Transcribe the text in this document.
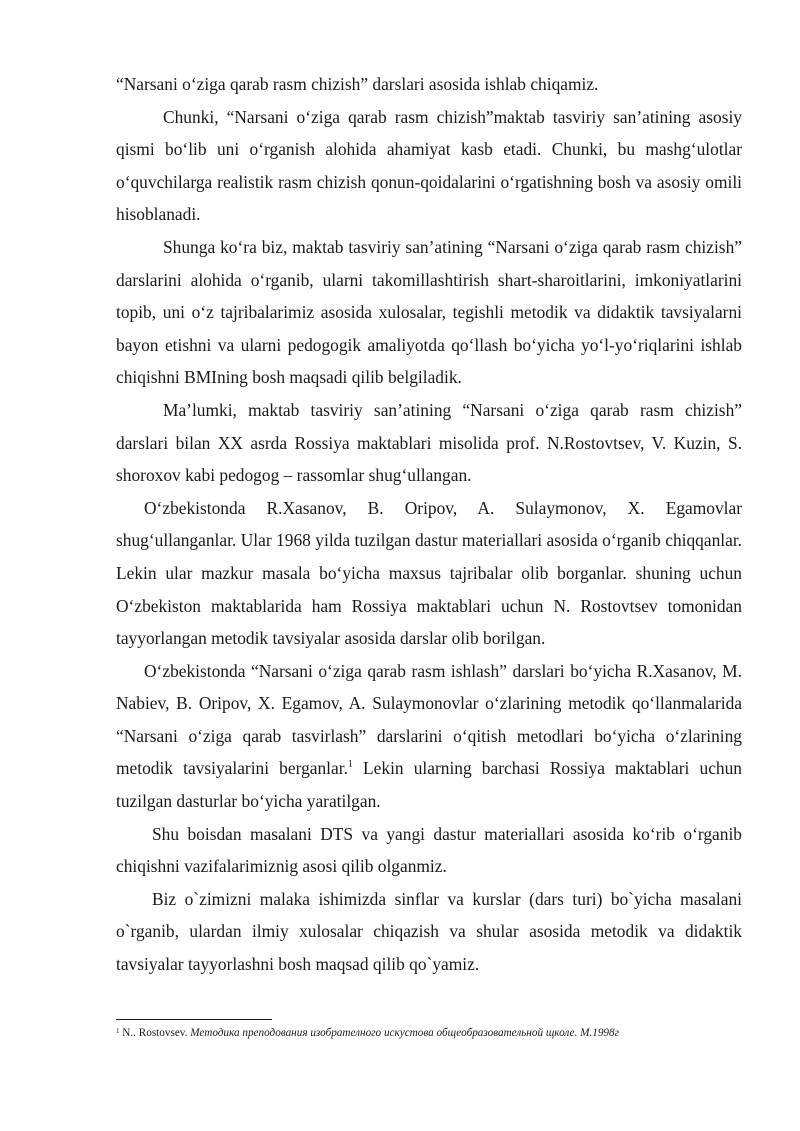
“Narsani o‘ziga qarab rasm chizish” darslari asosida ishlab chiqamiz.

Chunki, “Narsani o‘ziga qarab rasm chizish”maktab tasviriy san’atining asosiy qismi bo‘lib uni o‘rganish alohida ahamiyat kasb etadi. Chunki, bu mashg‘ulotlar o‘quvchilarga realistik rasm chizish qonun-qoidalarini o‘rgatishning bosh va asosiy omili hisoblanadi.

Shunga ko‘ra biz, maktab tasviriy san’atining “Narsani o‘ziga qarab rasm chizish” darslarini alohida o‘rganib, ularni takomillashtirish shart-sharoitlarini, imkoniyatlarini topib, uni o‘z tajribalarimiz asosida xulosalar, tegishli metodik va didaktik tavsiyalarni bayon etishni va ularni pedogogik amaliyotda qo‘llash bo‘yicha yo‘l-yo‘riqlarini ishlab chiqishni BMIning bosh maqsadi qilib belgiladik.

Ma’lumki, maktab tasviriy san’atining “Narsani o‘ziga qarab rasm chizish” darslari bilan XX asrda Rossiya maktablari misolida prof. N.Rostovtsev, V. Kuzin, S. shoroxov kabi pedogog – rassomlar shug‘ullangan.

O‘zbekistonda R.Xasanov, B. Oripov, A. Sulaymonov, X. Egamovlar shug‘ullanganlar. Ular 1968 yilda tuzilgan dastur materiallari asosida o‘rganib chiqqanlar. Lekin ular mazkur masala bo‘yicha maxsus tajribalar olib borganlar. shuning uchun O‘zbekiston maktablarida ham Rossiya maktablari uchun N. Rostovtsev tomonidan tayyorlangan metodik tavsiyalar asosida darslar olib borilgan.

O‘zbekistonda “Narsani o‘ziga qarab rasm ishlash” darslari bo‘yicha R.Xasanov, M. Nabiev, B. Oripov, X. Egamov, A. Sulaymonovlar o‘zlarining metodik qo‘llanmalarida “Narsani o‘ziga qarab tasvirlash” darslarini o‘qitish metodlari bo‘yicha o‘zlarining metodik tavsiyalarini berganlar.$^1$ Lekin ularning barchasi Rossiya maktablari uchun tuzilgan dasturlar bo‘yicha yaratilgan.

Shu boisdan masalani DTS va yangi dastur materiallari asosida ko‘rib o‘rganib chiqishni vazifalarimiznig asosi qilib olganmiz.

Biz o`zimizni malaka ishimizda sinflar va kurslar (dars turi) bo`yicha masalani o`rganib, ulardan ilmiy xulosalar chiqazish va shular asosida metodik va didaktik tavsiyalar tayyorlashni bosh maqsad qilib qo`yamiz.

$^1$ N.. Rostovsev. Методика преподования изобрателного искустова общеобразовательной щколе. М.1998г
